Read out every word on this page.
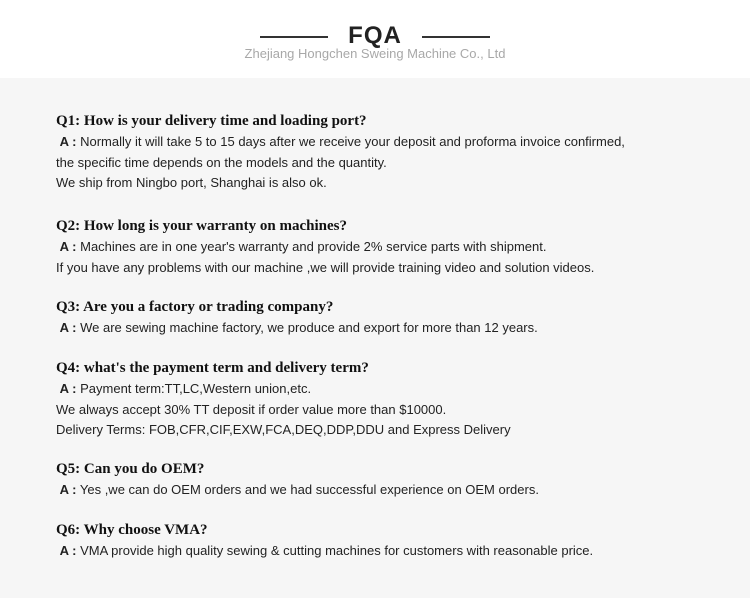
FQA
Zhejiang Hongchen Sweing Machine Co., Ltd
Q1: How is your delivery time and loading port?
A : Normally it will take 5 to 15 days after we receive your deposit and proforma invoice confirmed,
the specific time depends on the models and the quantity.
We ship from Ningbo port, Shanghai is also ok.
Q2: How long is your warranty on machines?
A : Machines are in one year's warranty and provide 2% service parts with shipment.
If you have any problems with our machine ,we will provide training video and solution videos.
Q3: Are you a factory or trading company?
A : We are sewing machine factory, we produce and export for more than 12 years.
Q4: what's the payment term and delivery term?
A : Payment term:TT,LC,Western union,etc.
We always accept 30% TT deposit if order value more than $10000.
Delivery Terms: FOB,CFR,CIF,EXW,FCA,DEQ,DDP,DDU and Express Delivery
Q5: Can you do OEM?
A : Yes ,we can do OEM orders and we had successful experience on OEM orders.
Q6: Why choose VMA?
A : VMA provide high quality sewing & cutting machines for customers with reasonable price.
